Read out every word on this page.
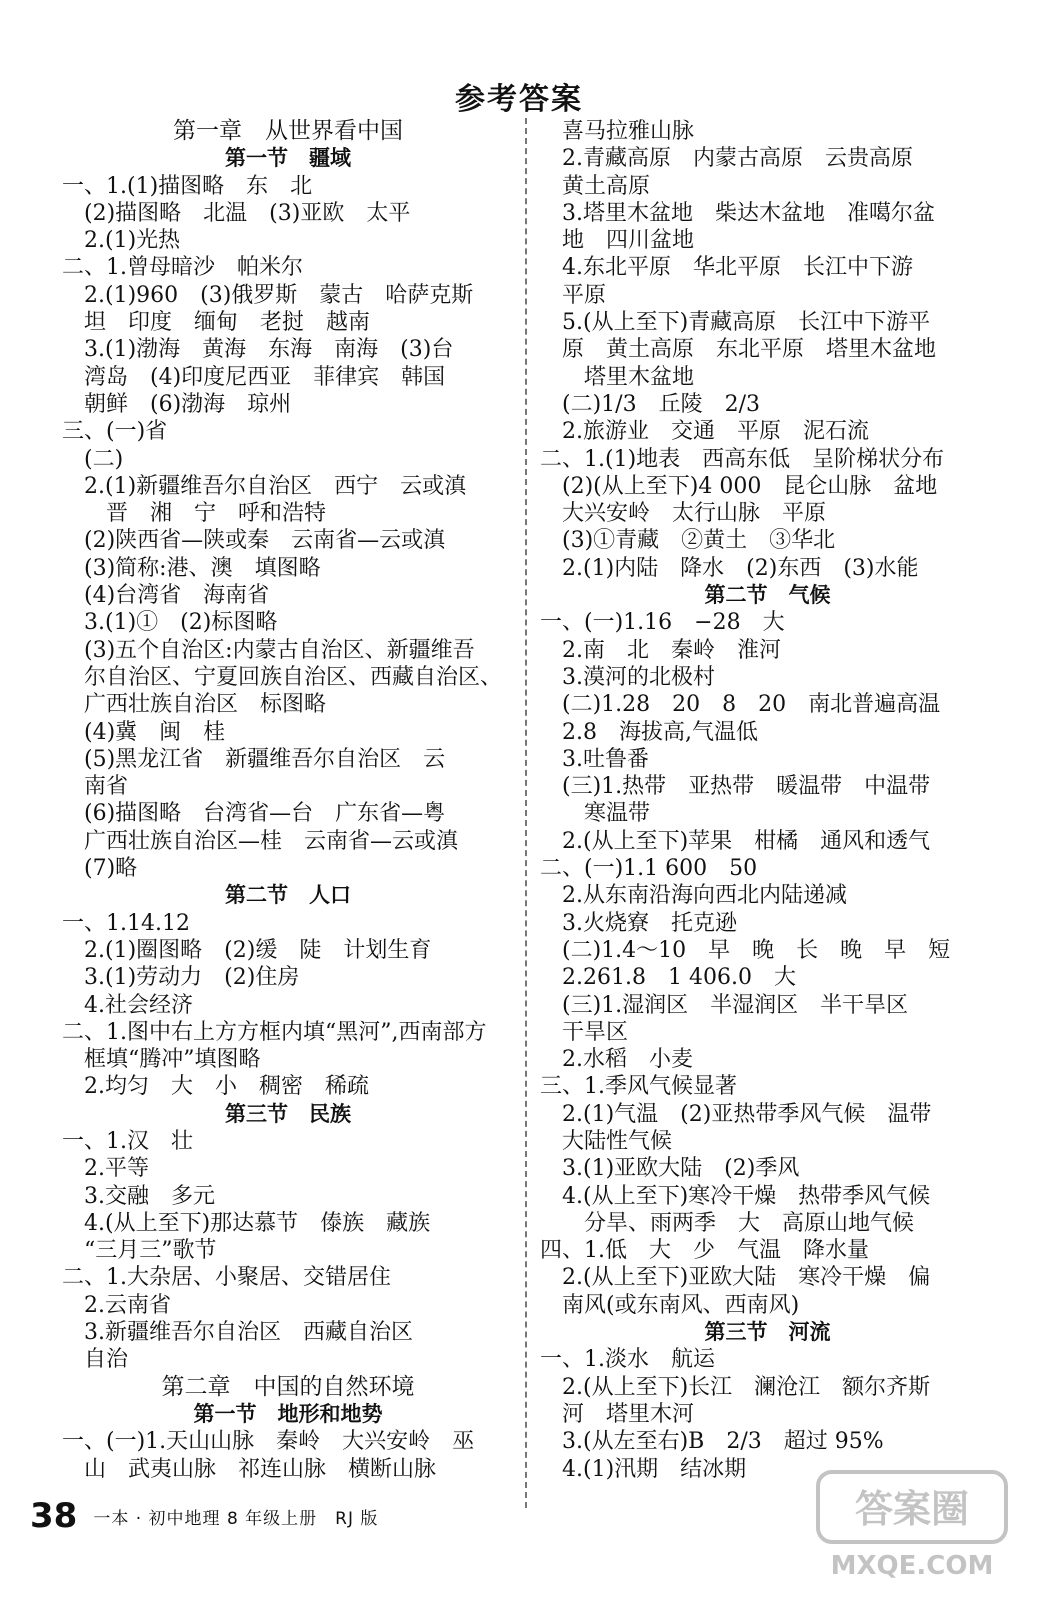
参考答案
第一章　从世界看中国
第一节　疆域
一、1.(1)描图略　东　北
　(2)描图略　北温　(3)亚欧　太平
　2.(1)光热
二、1.曾母暗沙　帕米尔
　2.(1)960　(3)俄罗斯　蒙古　哈萨克斯
　坦　印度　缅甸　老挝　越南
　3.(1)渤海　黄海　东海　南海　(3)台
　湾岛　(4)印度尼西亚　菲律宾　韩国
　朝鲜　(6)渤海　琼州
三、(一)省
　(二)
　2.(1)新疆维吾尔自治区　西宁　云或滇
　　晋　湘　宁　呼和浩特
　(2)陕西省—陕或秦　云南省—云或滇
　(3)简称:港、澳　填图略
　(4)台湾省　海南省
　3.(1)①　(2)标图略
　(3)五个自治区:内蒙古自治区、新疆维吾
　尔自治区、宁夏回族自治区、西藏自治区、
　广西壮族自治区　标图略
　(4)冀　闽　桂
　(5)黑龙江省　新疆维吾尔自治区　云
　南省
　(6)描图略　台湾省—台　广东省—粤
　广西壮族自治区—桂　云南省—云或滇
　(7)略
第二节　人口
一、1.14.12
　2.(1)圈图略　(2)缓　陡　计划生育
　3.(1)劳动力　(2)住房
　4.社会经济
二、1.图中右上方方框内填“黑河”,西南部方
　框填“腾冲”填图略
　2.均匀　大　小　稠密　稀疏
第三节　民族
一、1.汉　壮
　2.平等
　3.交融　多元
　4.(从上至下)那达慕节　傣族　藏族
　“三月三”歌节
二、1.大杂居、小聚居、交错居住
　2.云南省
　3.新疆维吾尔自治区　西藏自治区
　自治
第二章　中国的自然环境
第一节　地形和地势
一、(一)1.天山山脉　秦岭　大兴安岭　巫
　山　武夷山脉　祁连山脉　横断山脉
　喜马拉雅山脉
　2.青藏高原　内蒙古高原　云贵高原
　黄土高原
　3.塔里木盆地　柴达木盆地　准噶尔盆
　地　四川盆地
　4.东北平原　华北平原　长江中下游
　平原
　5.(从上至下)青藏高原　长江中下游平
　原　黄土高原　东北平原　塔里木盆地
　　塔里木盆地
　(二)1/3　丘陵　2/3
　2.旅游业　交通　平原　泥石流
二、1.(1)地表　西高东低　呈阶梯状分布
　(2)(从上至下)4 000　昆仑山脉　盆地
　大兴安岭　太行山脉　平原
　(3)①青藏　②黄土　③华北
　2.(1)内陆　降水　(2)东西　(3)水能
第二节　气候
一、(一)1.16　−28　大
　2.南　北　秦岭　淮河
　3.漠河的北极村
　(二)1.28　20　8　20　南北普遍高温
　2.8　海拔高,气温低
　3.吐鲁番
　(三)1.热带　亚热带　暖温带　中温带
　　寒温带
　2.(从上至下)苹果　柑橘　通风和透气
二、(一)1.1 600　50
　2.从东南沿海向西北内陆递减
　3.火烧寮　托克逊
　(二)1.4～10　早　晚　长　晚　早　短
　2.261.8　1 406.0　大
　(三)1.湿润区　半湿润区　半干旱区
　干旱区
　2.水稻　小麦
三、1.季风气候显著
　2.(1)气温　(2)亚热带季风气候　温带
　大陆性气候
　3.(1)亚欧大陆　(2)季风
　4.(从上至下)寒冷干燥　热带季风气候
　　分旱、雨两季　大　高原山地气候
四、1.低　大　少　气温　降水量
　2.(从上至下)亚欧大陆　寒冷干燥　偏
　南风(或东南风、西南风)
第三节　河流
一、1.淡水　航运
　2.(从上至下)长江　澜沧江　额尔齐斯
　河　塔里木河
　3.(从左至右)B　2/3　超过 95%
　4.(1)汛期　结冰期
38 一本 · 初中地理 8 年级上册　RJ 版	答案圈
MXQE.COM
